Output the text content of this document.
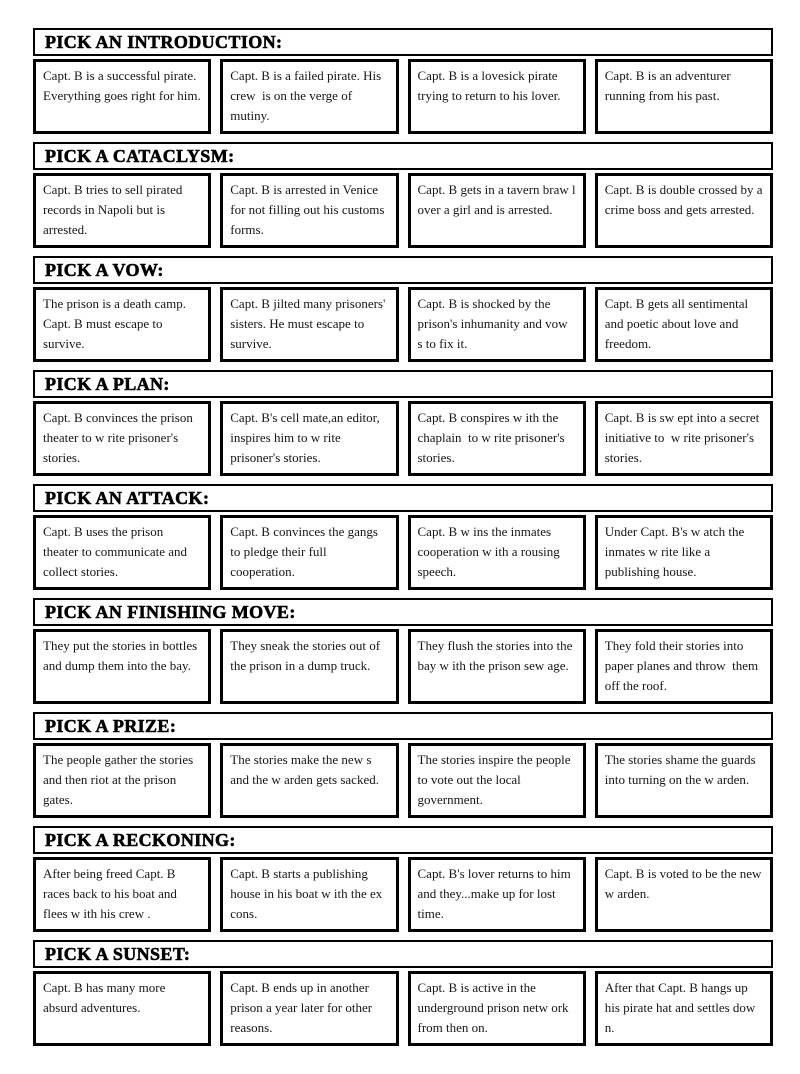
PICK AN INTRODUCTION:
Capt. B is a successful pirate. Everything goes right for him.
Capt. B is a failed pirate. His crew  is on the verge of mutiny.
Capt. B is a lovesick pirate trying to return to his lover.
Capt. B is an adventurer running from his past.
PICK A CATACLYSM:
Capt. B tries to sell pirated records in Napoli but is arrested.
Capt. B is arrested in Venice for not filling out his customs forms.
Capt. B gets in a tavern braw l over a girl and is arrested.
Capt. B is double crossed by a crime boss and gets arrested.
PICK A VOW:
The prison is a death camp.  Capt. B must escape to survive.
Capt. B jilted many prisoners' sisters. He must escape to survive.
Capt. B is shocked by the prison's inhumanity and vow s to fix it.
Capt. B gets all sentimental and poetic about love and freedom.
PICK A PLAN:
Capt. B convinces the prison theater to w rite prisoner's stories.
Capt. B's cell mate,an editor, inspires him to w rite prisoner's stories.
Capt. B conspires w ith the chaplain  to w rite prisoner's stories.
Capt. B is sw ept into a secret initiative to  w rite prisoner's stories.
PICK AN ATTACK:
Capt. B uses the prison theater to communicate and collect stories.
Capt. B convinces the gangs to pledge their full cooperation.
Capt. B w ins the inmates cooperation w ith a rousing speech.
Under Capt. B's w atch the inmates w rite like a publishing house.
PICK AN FINISHING MOVE:
They put the stories in bottles and dump them into the bay.
They sneak the stories out of the prison in a dump truck.
They flush the stories into the bay w ith the prison sew age.
They fold their stories into paper planes and throw  them off the roof.
PICK A PRIZE:
The people gather the stories and then riot at the prison gates.
The stories make the new s and the w arden gets sacked.
The stories inspire the people to vote out the local government.
The stories shame the guards into turning on the w arden.
PICK A RECKONING:
After being freed Capt. B races back to his boat and flees w ith his crew .
Capt. B starts a publishing house in his boat w ith the ex cons.
Capt. B's lover returns to him and they...make up for lost time.
Capt. B is voted to be the new  w arden.
PICK A SUNSET:
Capt. B has many more absurd adventures.
Capt. B ends up in another prison a year later for other reasons.
Capt. B is active in the underground prison netw ork from then on.
After that Capt. B hangs up his pirate hat and settles dow n.
